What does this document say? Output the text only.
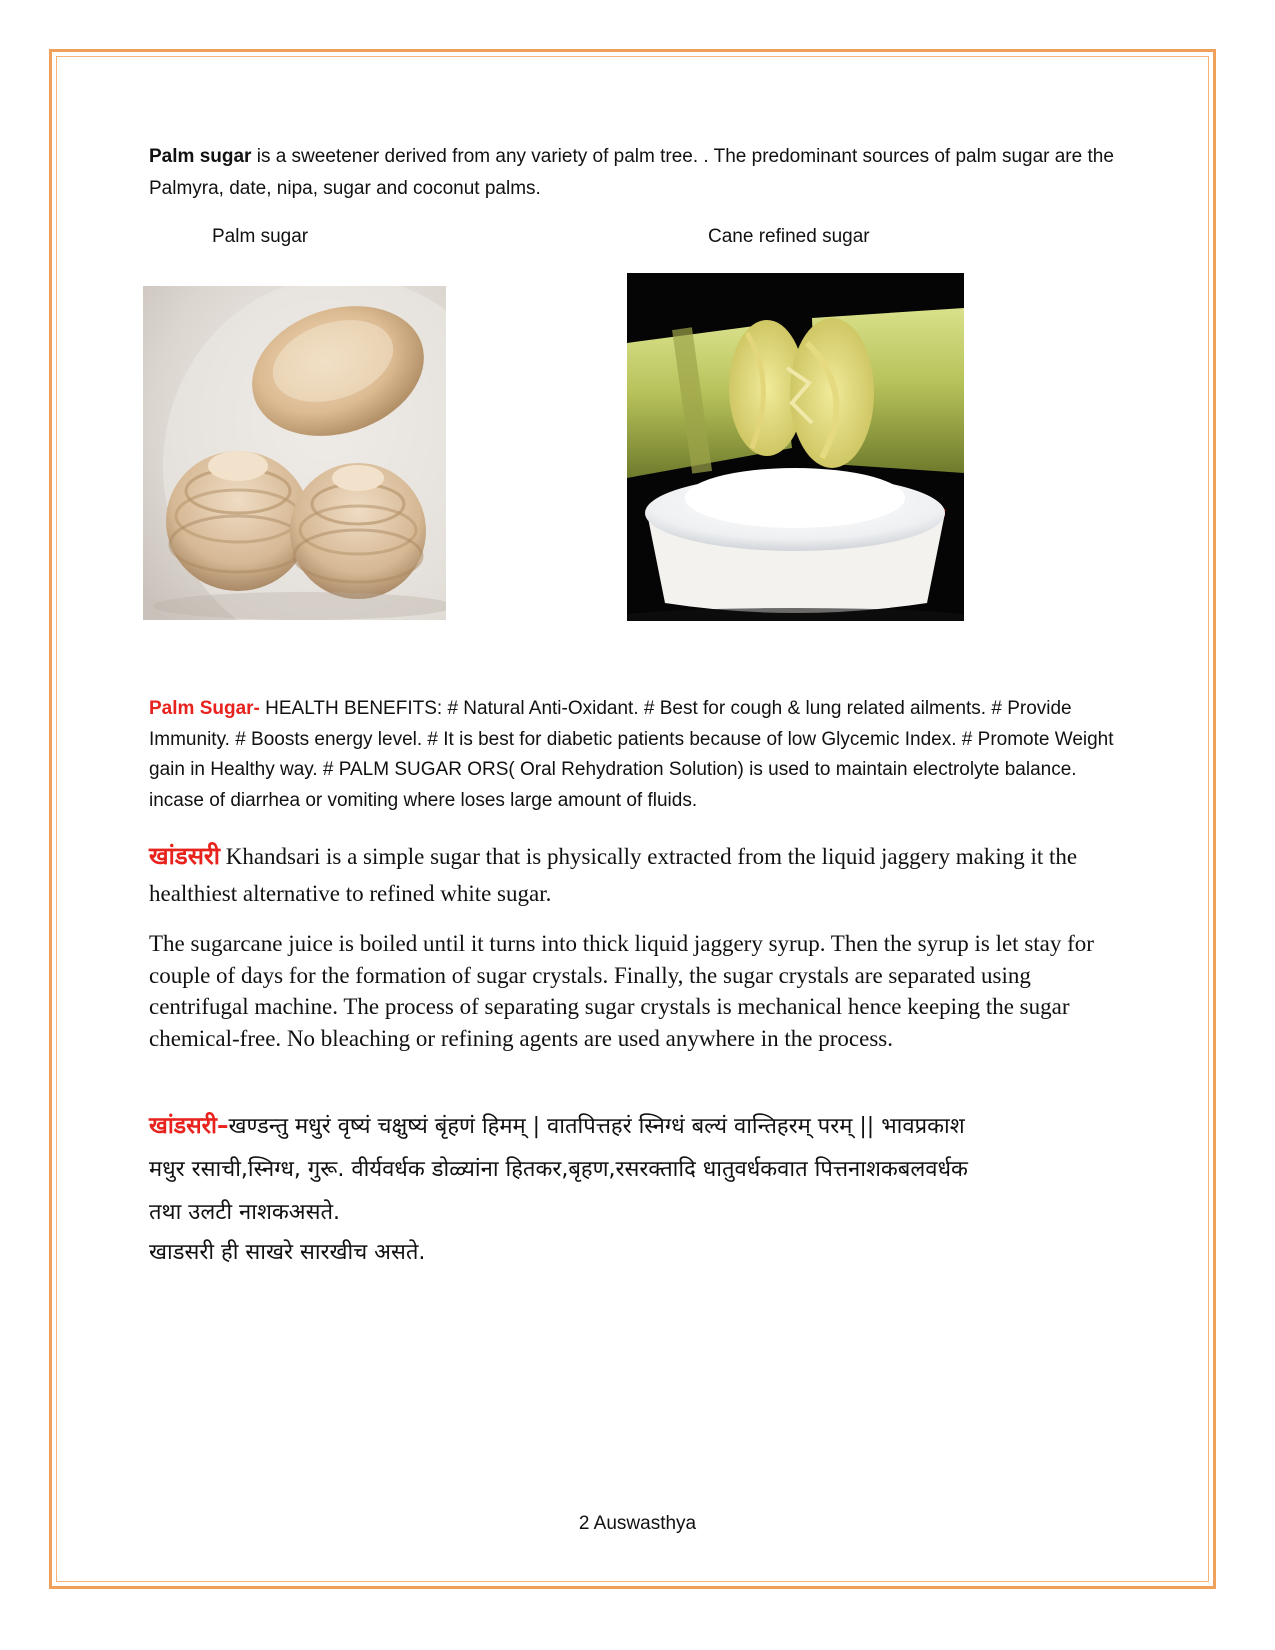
Palm sugar is a sweetener derived from any variety of palm tree. . The predominant sources of palm sugar are the Palmyra, date, nipa, sugar and coconut palms.

Palm sugar	Cane refined sugar

Palm Sugar- HEALTH BENEFITS: # Natural Anti-Oxidant. # Best for cough & lung related ailments. # Provide Immunity. # Boosts energy level. # It is best for diabetic patients because of low Glycemic Index. # Promote Weight gain in Healthy way. # PALM SUGAR ORS( Oral Rehydration Solution) is used to maintain electrolyte balance. incase of diarrhea or vomiting where loses large amount of fluids.

खांडसरी Khandsari is a simple sugar that is physically extracted from the liquid jaggery making it the healthiest alternative to refined white sugar.

The sugarcane juice is boiled until it turns into thick liquid jaggery syrup. Then the syrup is let stay for couple of days for the formation of sugar crystals. Finally, the sugar crystals are separated using centrifugal machine. The process of separating sugar crystals is mechanical hence keeping the sugar chemical-free. No bleaching or refining agents are used anywhere in the process.

खांडसरी–खण्डन्तु मधुरं वृष्यं चक्षुष्यं बृंहणं हिमम् | वातपित्तहरं स्निग्धं बल्यं वान्तिहरम् परम् || भावप्रकाश
मधुर रसाची,स्निग्ध, गुरू. वीर्यवर्धक डोळ्यांना हितकर,बृहण,रसरक्तादि धातुवर्धकवात पित्तनाशकबलवर्धक
तथा उलटी नाशकअसते.
खाडसरी ही साखरे सारखीच असते.
2 Auswasthya
